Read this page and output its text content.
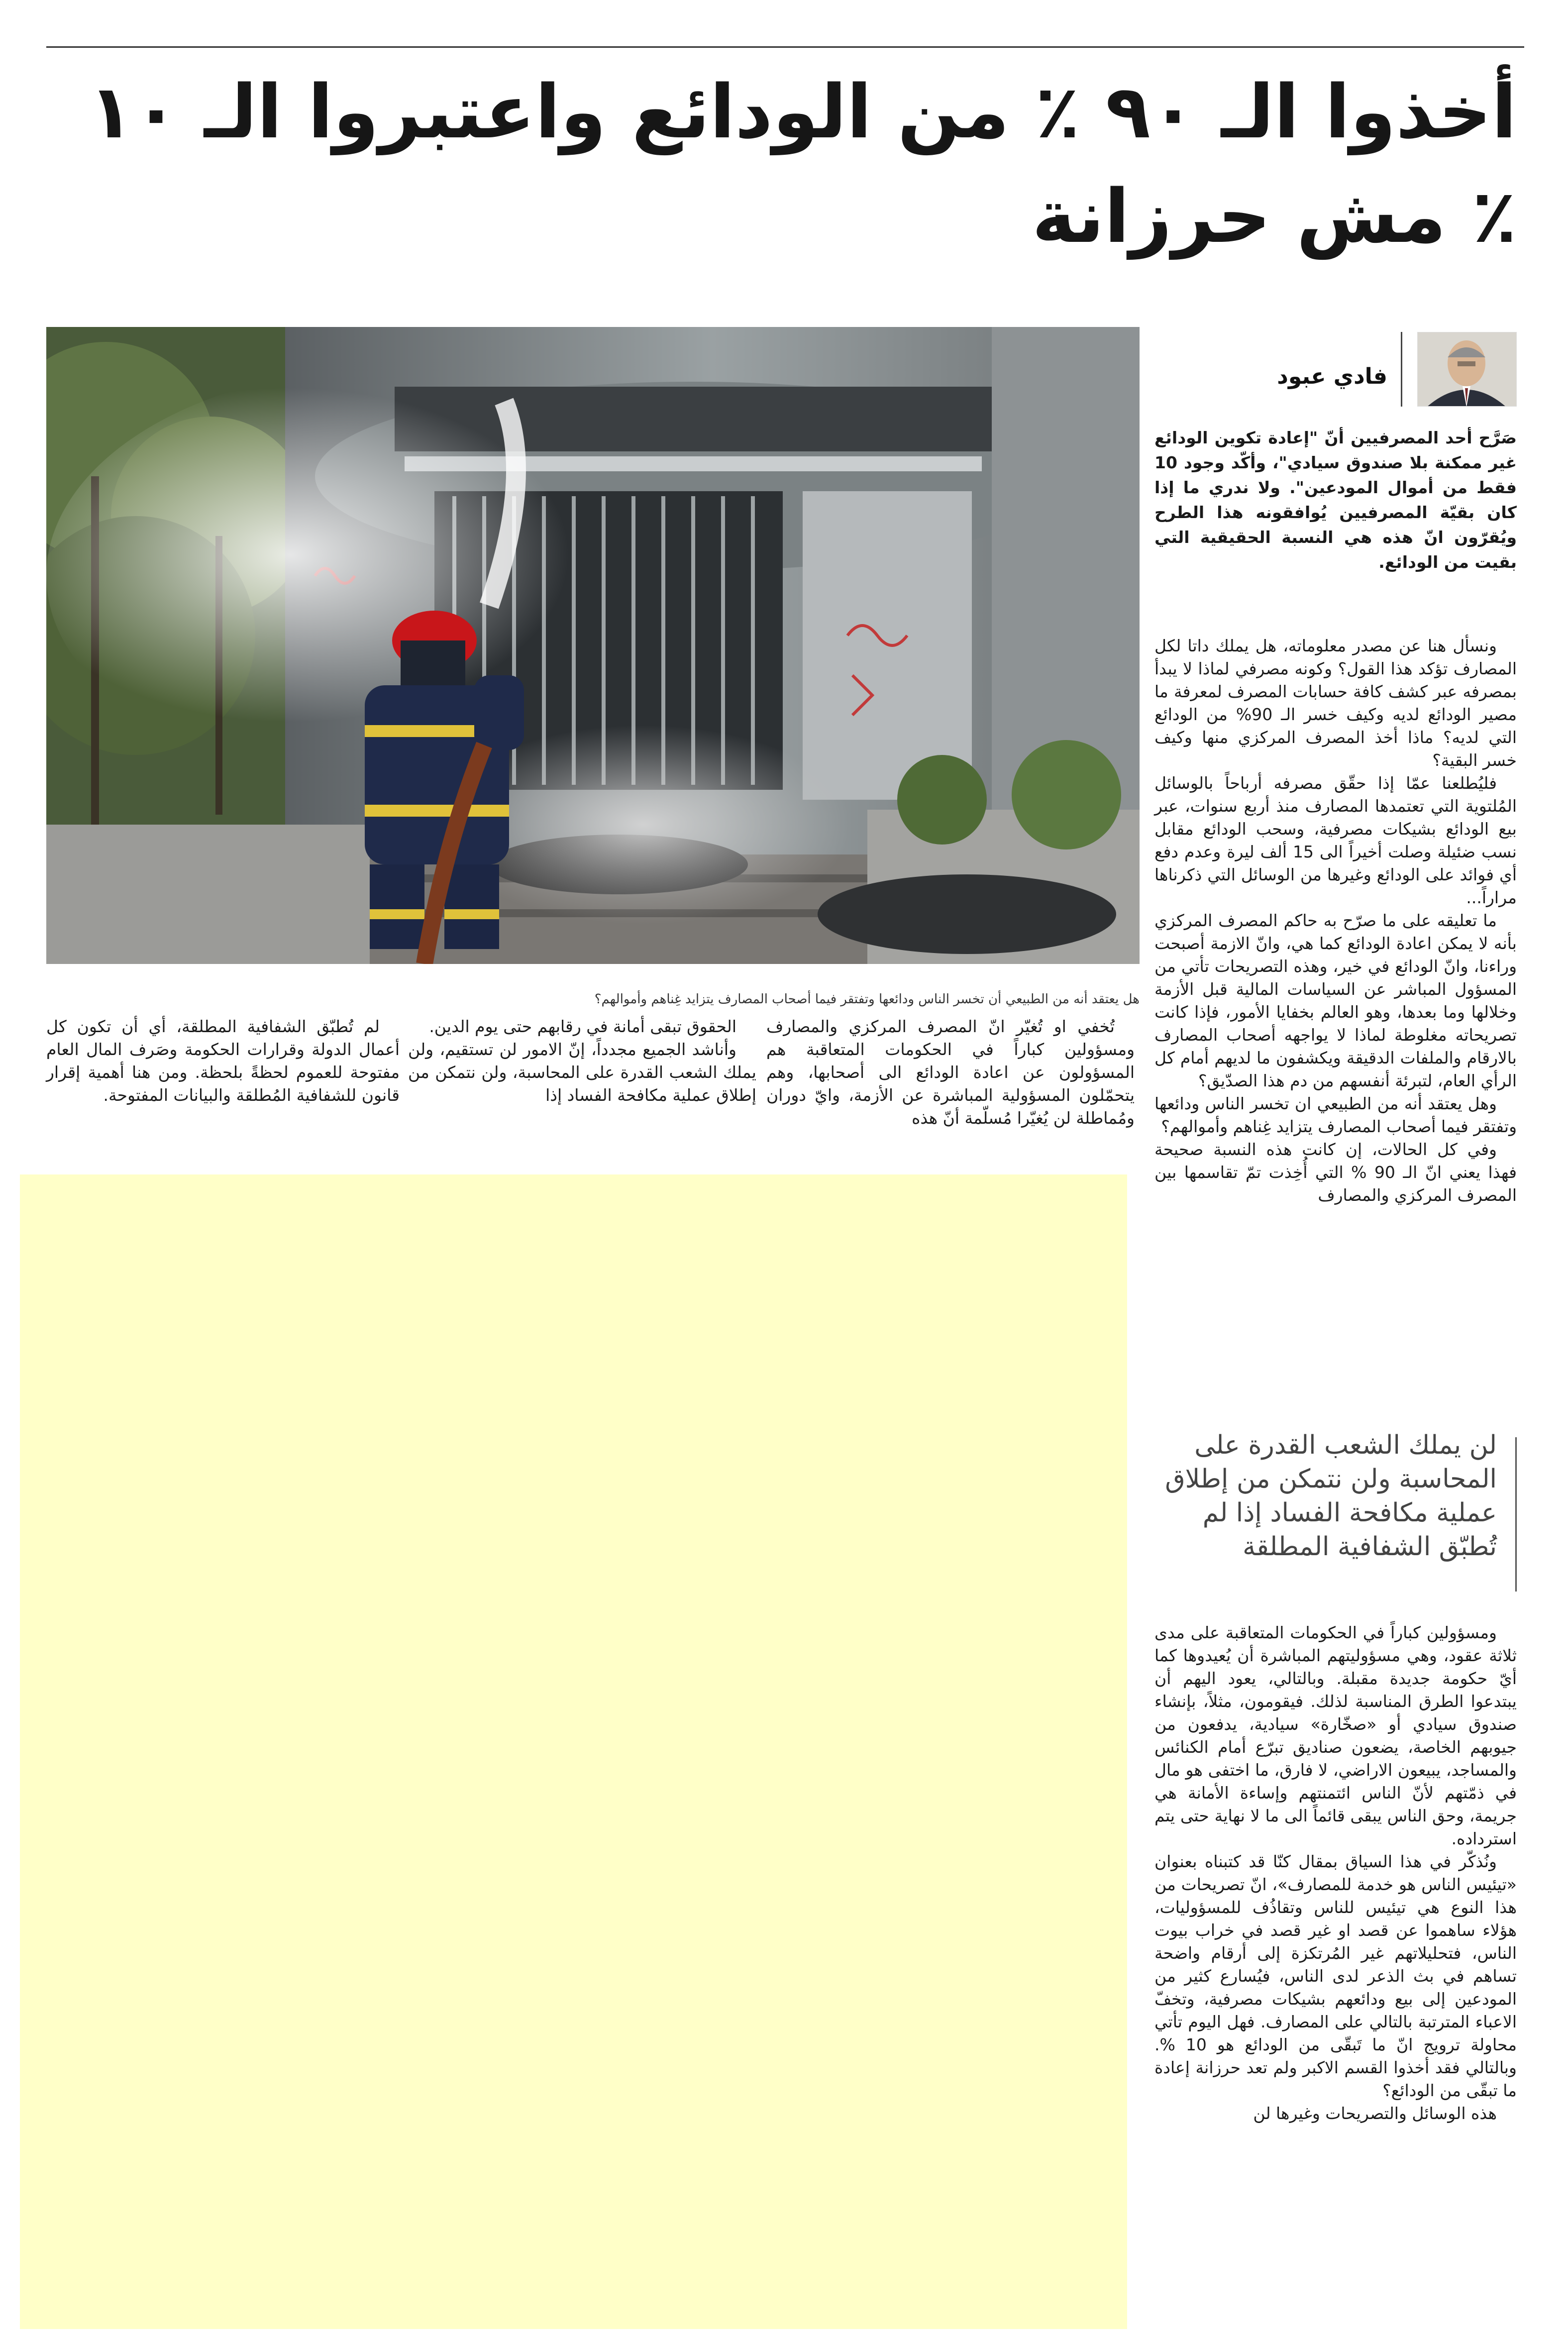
أخذوا الـ ٩٠ ٪ من الودائع واعتبروا الـ ١٠ ٪ مش حرزانة

هل يعتقد أنه من الطبيعي أن تخسر الناس ودائعها وتفتقر فيما أصحاب المصارف يتزايد غِناهم وأموالهم؟

فادي عبود

صَرَّح أحد المصرفيين أنّ "إعادة تكوين الودائع غير ممكنة بلا صندوق سيادي"، وأكّد وجود 10 فقط من أموال المودعين". ولا ندري ما إذا كان بقيّة المصرفيين يُوافقونه هذا الطرح ويُقرّون انّ هذه هي النسبة الحقيقية التي بقيت من الودائع.

ونسأل هنا عن مصدر معلوماته، هل يملك داتا لكل المصارف تؤكد هذا القول؟ وكونه مصرفي لماذا لا يبدأ بمصرفه عبر كشف كافة حسابات المصرف لمعرفة ما مصير الودائع لديه وكيف خسر الـ 90% من الودائع التي لديه؟ ماذا أخذ المصرف المركزي منها وكيف خسر البقية؟

فليُطلعنا عمّا إذا حقّق مصرفه أرباحاً بالوسائل المُلتوية التي تعتمدها المصارف منذ أربع سنوات، عبر بيع الودائع بشيكات مصرفية، وسحب الودائع مقابل نسب ضئيلة وصلت أخيراً الى 15 ألف ليرة وعدم دفع أي فوائد على الودائع وغيرها من الوسائل التي ذكرناها مراراً...

ما تعليقه على ما صرّح به حاكم المصرف المركزي بأنه لا يمكن اعادة الودائع كما هي، وانّ الازمة أصبحت وراءنا، وانّ الودائع في خير، وهذه التصريحات تأتي من المسؤول المباشر عن السياسات المالية قبل الأزمة وخلالها وما بعدها، وهو العالم بخفايا الأمور، فإذا كانت تصريحاته مغلوطة لماذا لا يواجهه أصحاب المصارف بالارقام والملفات الدقيقة ويكشفون ما لديهم أمام كل الرأي العام، لتبرئة أنفسهم من دم هذا الصدّيق؟

وهل يعتقد أنه من الطبيعي ان تخسر الناس ودائعها وتفتقر فيما أصحاب المصارف يتزايد غِناهم وأموالهم؟

وفي كل الحالات، إن كانت هذه النسبة صحيحة فهذا يعني انّ الـ 90 % التي أُخِذت تمّ تقاسمها بين المصرف المركزي والمصارف

لن يملك الشعب القدرة على المحاسبة ولن نتمكن من إطلاق عملية مكافحة الفساد إذا لم تُطبّق الشفافية المطلقة

ومسؤولين كباراً في الحكومات المتعاقبة على مدى ثلاثة عقود، وهي مسؤوليتهم المباشرة أن يُعيدوها كما أيّ حكومة جديدة مقبلة. وبالتالي، يعود اليهم أن يبتدعوا الطرق المناسبة لذلك. فيقومون، مثلاً، بإنشاء صندوق سيادي أو «صخّارة» سيادية، يدفعون من جيوبهم الخاصة، يضعون صناديق تبرّع أمام الكنائس والمساجد، يبيعون الاراضي، لا فارق، ما اختفى هو مال في ذمّتهم لأنّ الناس ائتمنتهم وإساءة الأمانة هي جريمة، وحق الناس يبقى قائماً الى ما لا نهاية حتى يتم استرداده.

ونُذكّر في هذا السياق بمقال كنّا قد كتبناه بعنوان «تيئيس الناس هو خدمة للمصارف»، انّ تصريحات من هذا النوع هي تيئيس للناس وتقاذُف للمسؤوليات، هؤلاء ساهموا عن قصد او غير قصد في خراب بيوت الناس، فتحليلاتهم غير المُرتكزة إلى أرقام واضحة تساهم في بث الذعر لدى الناس، فيُسارع كثير من المودعين إلى بيع ودائعهم بشيكات مصرفية، وتخفّ الاعباء المترتبة بالتالي على المصارف. فهل اليوم تأتي محاولة ترويج انّ ما تَبقّى من الودائع هو 10 %. وبالتالي فقد أخذوا القسم الاكبر ولم تعد حرزانة إعادة ما تبقّى من الودائع؟

هذه الوسائل والتصريحات وغيرها لن

تُخفي او تُغيّر انّ المصرف المركزي والمصارف ومسؤولين كباراً في الحكومات المتعاقبة هم المسؤولون عن اعادة الودائع الى أصحابها، وهم يتحمّلون المسؤولية المباشرة عن الأزمة، وايّ دوران ومُماطلة لن يُغيّرا مُسلّمة أنّ هذه

الحقوق تبقى أمانة في رقابهم حتى يوم الدين.

وأناشد الجميع مجدداً، إنّ الامور لن تستقيم، ولن يملك الشعب القدرة على المحاسبة، ولن نتمكن من إطلاق عملية مكافحة الفساد إذا

لم تُطبّق الشفافية المطلقة، أي أن تكون كل أعمال الدولة وقرارات الحكومة وصَرف المال العام مفتوحة للعموم لحظةً بلحظة. ومن هنا أهمية إقرار قانون للشفافية المُطلقة والبيانات المفتوحة.
